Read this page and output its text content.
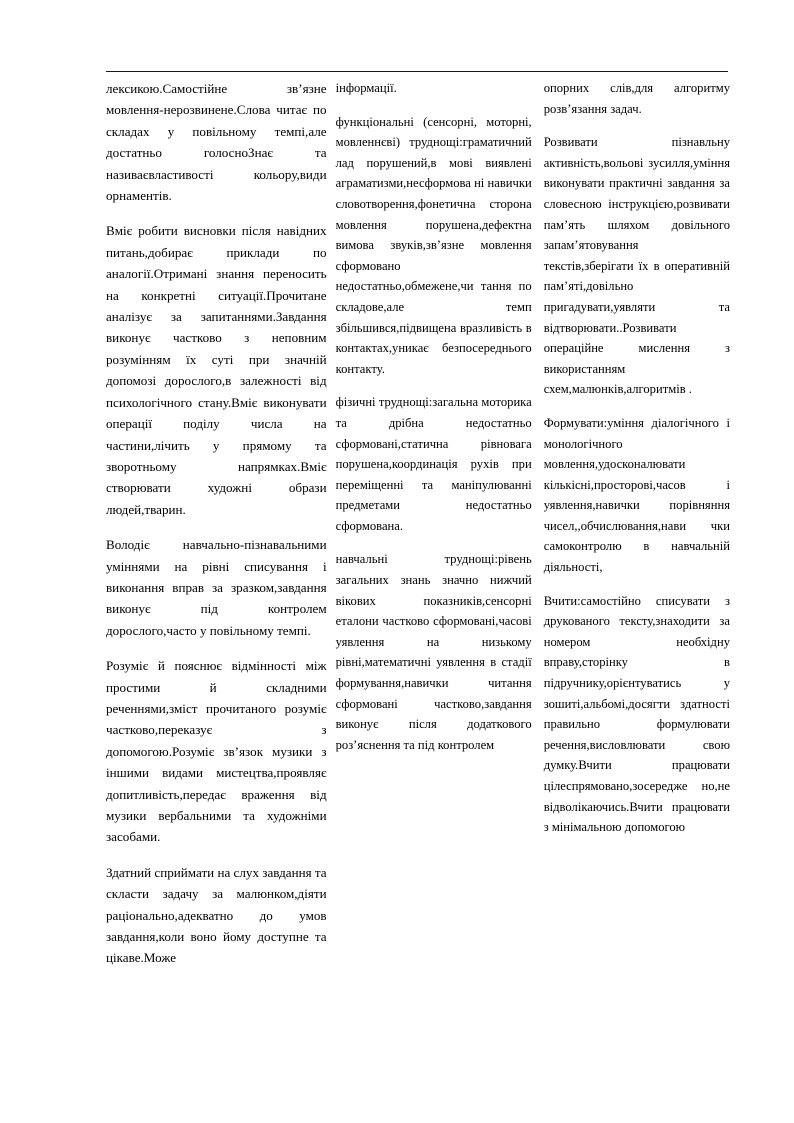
лексикою.Самостійне зв’язне мовлення-нерозвинене.Слова читає по складах у повільному темпі,але достатньо голосноЗнає та називаєвластивості кольору,види орнаментів.

Вміє робити висновки після навідних питань,добирає приклади по аналогії.Отримані знання переносить на конкретні ситуації.Прочитане аналізує за запитаннями.Завдання виконує частково з неповним розумінням їх суті при значній допомозі дорослого,в залежності від психологічного стану.Вміє виконувати операції поділу числа на частини,лічить у прямому та зворотньому напрямках.Вміє створювати художні образи людей,тварин.

Володіє навчально-пізнавальними уміннями на рівні списування і виконання вправ за зразком,завдання виконує під контролем дорослого,часто у повільному темпі.

Розуміє й пояснює відмінності між простими й складними реченнями,зміст прочитаного розуміє частково,переказує з допомогою.Розуміє зв’язок музики з іншими видами мистецтва,проявляє допитливість,передає враження від музики вербальними та художніми засобами.

Здатний сприймати на слух завдання та скласти задачу за малюнком,діяти раціонально,адекватно до умов завдання,коли воно йому доступне та цікаве.Може

інформації.

функціональні (сенсорні, моторні, мовленнєві) труднощі:граматичний лад порушений,в мові виявлені аграматизми,несформова ні навички словотворення,фонетична сторона мовлення порушена,дефектна вимова звуків,зв’язне мовлення сформовано недостатньо,обмежене,чи тання по складове,але темп збільшився,підвищена вразливість в контактах,уникає безпосереднього контакту.

фізичні труднощі:загальна моторика та дрібна недостатньо сформовані,статична рівновага порушена,координація рухів при переміщенні та манiпулюванні предметами недостатньо сформована.

навчальні труднощі:рівень загальних знань значно нижчий вікових показників,сенсорні еталони частково сформовані,часові уявлення на низькому рівні,математичні уявлення в стадії формування,навички читання сформовані частково,завдання виконує після додаткового роз’яснення та під контролем

опорних слів,для алгоритму розв’язання задач.

Розвивати пізнавльну активність,вольові зусилля,уміння виконувати практичні завдання за словесною інструкцією,розвивати пам’ять шляхом довільного запам’ятовування текстів,зберігати їх в оперативній пам’яті,довільно пригадувати,уявляти та відтворювати..Розвивати операційне мислення з використанням схем,малюнків,алгоритмів .

Формувати:уміння діалогічного і монологічного мовлення,удосконалювати кількісні,просторові,часов і уявлення,навички порівняння чисел,,обчислювання,нави чки самоконтролю в навчальній діяльності,

Вчити:самостійно списувати з друкованого тексту,знаходити за номером необхідну вправу,сторінку в підручнику,орієнтуватись у зошиті,альбомі,досягти здатності правильно формулювати речення,висловлювати свою думку.Вчити працювати цілеспрямовано,зосередже но,не відволікаючись.Вчити працювати з мінімальною допомогою
